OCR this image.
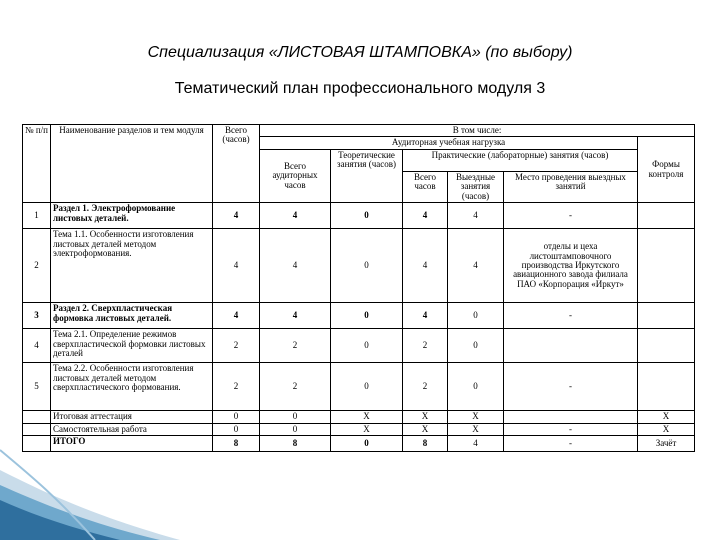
Специализация «ЛИСТОВАЯ ШТАМПОВКА» (по выбору)
Тематический план профессионального модуля 3
№ п/п	Наименование разделов и тем модуля	Всего (часов)	В том числе:					
			Аудиторная учебная нагрузка					Формы контроля
			Всего аудиторных часов	Теоретические занятия (часов)	Практические (лабораторные) занятия (часов)			
					Всего часов	Выездные занятия (часов)	Место проведения выездных занятий	
1	Раздел 1. Электроформование листовых деталей.	4	4	0	4	4	-	
2	Тема 1.1. Особенности изготовления листовых деталей методом электроформования.	4	4	0	4	4	отделы и цеха листоштамповочного производства Иркутского авиационного завода филиала ПАО «Корпорация «Иркут»	
3	Раздел 2. Сверхпластическая формовка листовых деталей.	4	4	0	4	0	-	
4	Тема 2.1. Определение режимов сверхпластической формовки листовых деталей	2	2	0	2	0		
5	Тема 2.2. Особенности изготовления листовых деталей методом сверхпластического формования.	2	2	0	2	0	-	
	Итоговая аттестация	0	0	X	X	X		X
	Самостоятельная работа	0	0	X	X	X	-	X
	ИТОГО	8	8	0	8	4	-	Зачёт
